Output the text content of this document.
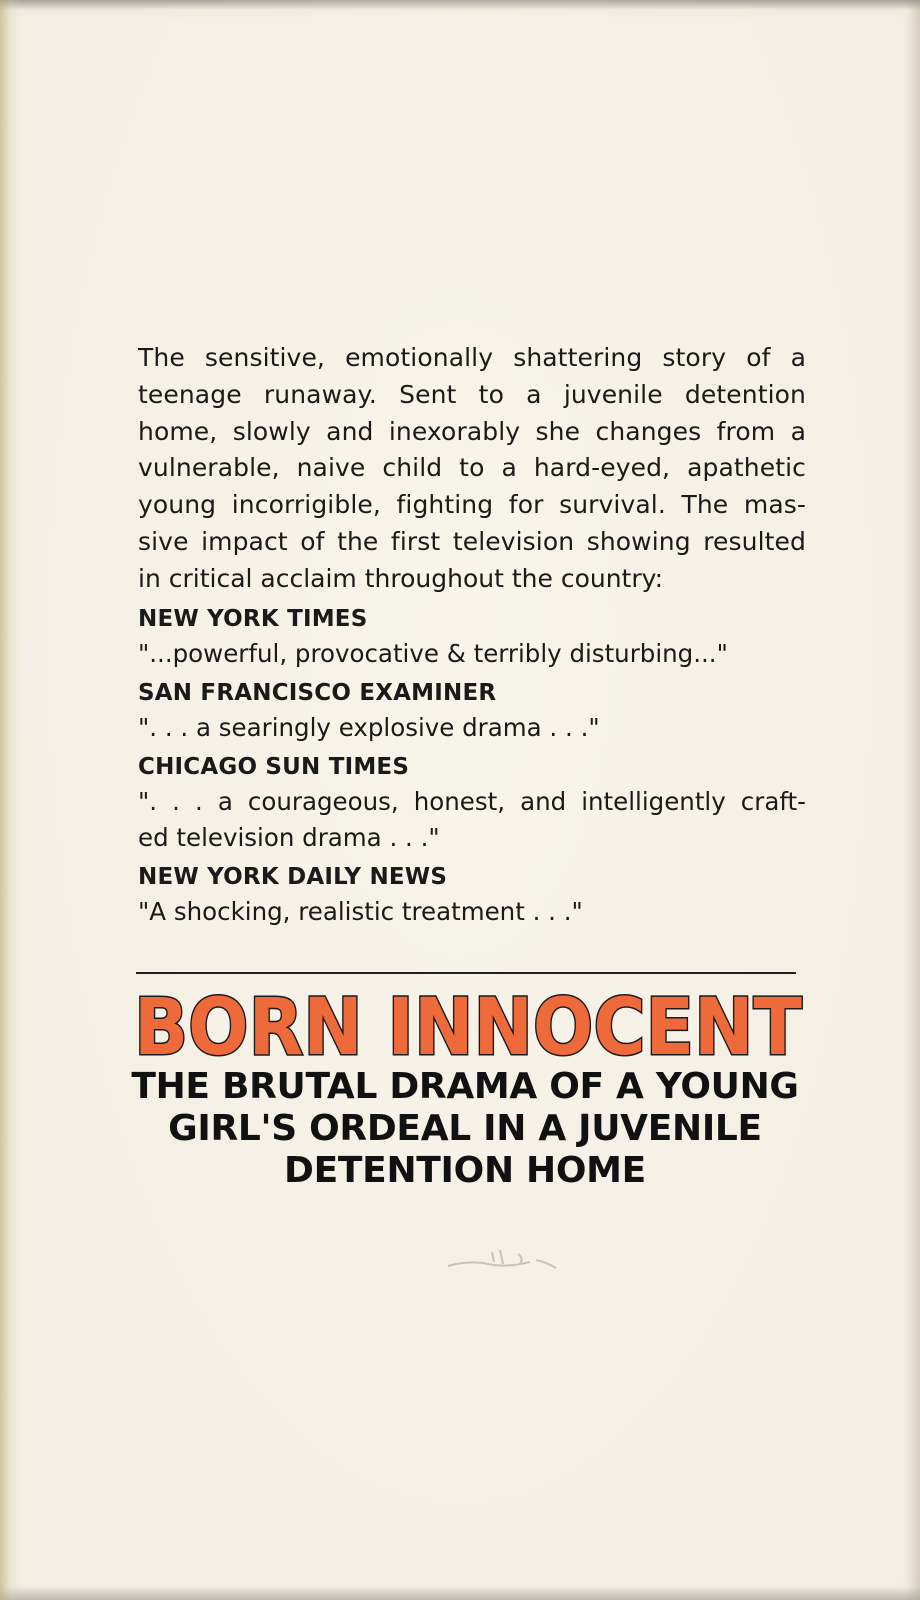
The sensitive, emotionally shattering story of a

teenage runaway. Sent to a juvenile detention

home, slowly and inexorably she changes from a

vulnerable, naive child to a hard-eyed, apathetic

young incorrigible, fighting for survival. The mas-

sive impact of the first television showing resulted

in critical acclaim throughout the country:

NEW YORK TIMES

"...powerful, provocative & terribly disturbing..."

SAN FRANCISCO EXAMINER

". . . a searingly explosive drama . . ."

CHICAGO SUN TIMES

". . . a courageous, honest, and intelligently craft-

ed television drama . . ."

NEW YORK DAILY NEWS

"A shocking, realistic treatment . . ."

BORN INNOCENT
THE BRUTAL DRAMA OF A YOUNG
GIRL'S ORDEAL IN A JUVENILE
DETENTION HOME
